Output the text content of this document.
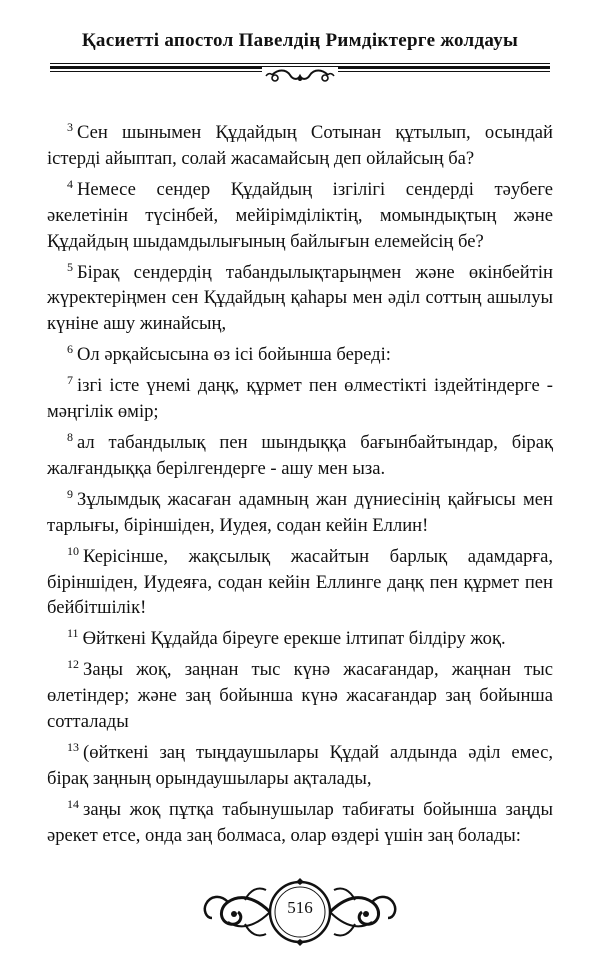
Қасиетті апостол Павелдің Римдіктерге жолдауы

$^3$ Сен шынымен Құдайдың Сотынан құтылып, осындай істерді айыптап, солай жасамайсың деп ойлайсың ба?

$^4$ Немесе сендер Құдайдың ізгілігі сендерді тәубеге әкелетінін түсінбей, мейірімділіктің, момындықтың және Құдайдың шыдамдылығының байлығын елемейсің бе?

$^5$ Бірақ сендердің табандылықтарыңмен және өкінбейтін жүректеріңмен сен Құдайдың қаһары мен әділ соттың ашылуы күніне ашу жинайсың,

$^6$ Ол әрқайсысына өз ісі бойынша береді:

$^7$ ізгі істе үнемі даңқ, құрмет пен өлместікті іздейтіндерге - мәңгілік өмір;

$^8$ ал табандылық пен шындыққа бағынбайтындар, бірақ жалғандыққа берілгендерге - ашу мен ыза.

$^9$ Зұлымдық жасаған адамның жан дүниесінің қайғысы мен тарлығы, біріншіден, Иудея, содан кейін Еллин!

$^{10}$ Керісінше, жақсылық жасайтын барлық адамдарға, біріншіден, Иудеяға, содан кейін Еллинге даңқ пен құрмет пен бейбітшілік!

$^{11}$ Өйткені Құдайда біреуге ерекше ілтипат білдіру жоқ.

$^{12}$ Заңы жоқ, заңнан тыс күнә жасағандар, жаңнан тыс өлетіндер; және заң бойынша күнә жасағандар заң бойынша сотталады

$^{13}$ (өйткені заң тыңдаушылары Құдай алдында әділ емес, бірақ заңның орындаушылары ақталады,

$^{14}$ заңы жоқ пұтқа табынушылар табиғаты бойынша заңды әрекет етсе, онда заң болмаса, олар өздері үшін заң болады:

516
